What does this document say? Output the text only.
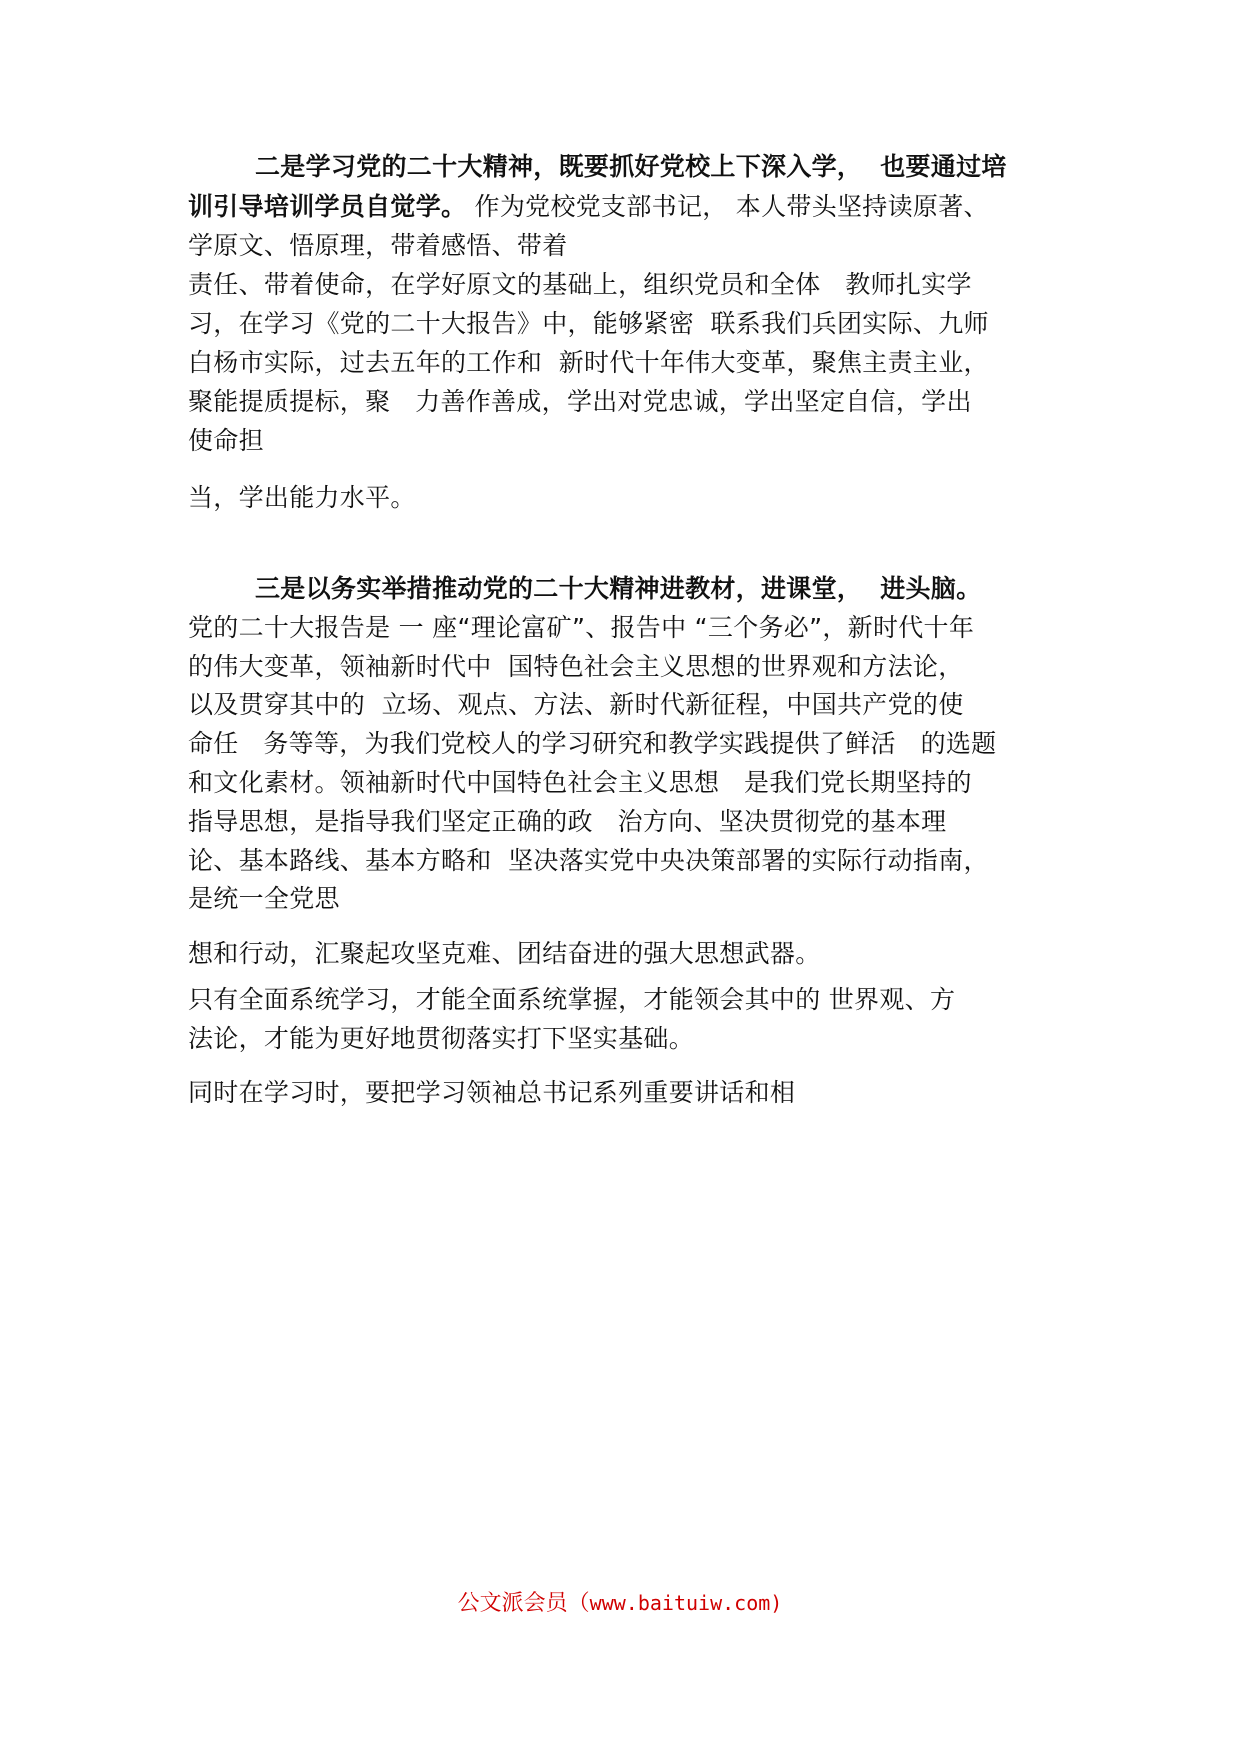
二是学习党的二十大精神，既要抓好党校上下深入学，  也要通过培
训引导培训学员自觉学。 作为党校党支部书记， 本人带头坚持读原著、
学原文、悟原理，带着感悟、带着
责任、带着使命，在学好原文的基础上，组织党员和全体   教师扎实学
习，在学习《党的二十大报告》中，能够紧密  联系我们兵团实际、九师
白杨市实际，过去五年的工作和  新时代十年伟大变革，聚焦主责主业，
聚能提质提标，聚   力善作善成，学出对党忠诚，学出坚定自信，学出
使命担
当，学出能力水平。
三是以务实举措推动党的二十大精神进教材，进课堂，  进头脑。
党的二十大报告是 一 座“理论富矿”、报告中 “三个务必”，新时代十年
的伟大变革，领袖新时代中  国特色社会主义思想的世界观和方法论，
以及贯穿其中的  立场、观点、方法、新时代新征程，中国共产党的使
命任   务等等，为我们党校人的学习研究和教学实践提供了鲜活   的选题
和文化素材。领袖新时代中国特色社会主义思想   是我们党长期坚持的
指导思想，是指导我们坚定正确的政   治方向、坚决贯彻党的基本理
论、基本路线、基本方略和  坚决落实党中央决策部署的实际行动指南，
是统一全党思
想和行动，汇聚起攻坚克难、团结奋进的强大思想武器。
只有全面系统学习，才能全面系统掌握，才能领会其中的 世界观、方
法论，才能为更好地贯彻落实打下坚实基础。
同时在学习时，要把学习领袖总书记系列重要讲话和相
公文派会员（www.baituiw.com)
